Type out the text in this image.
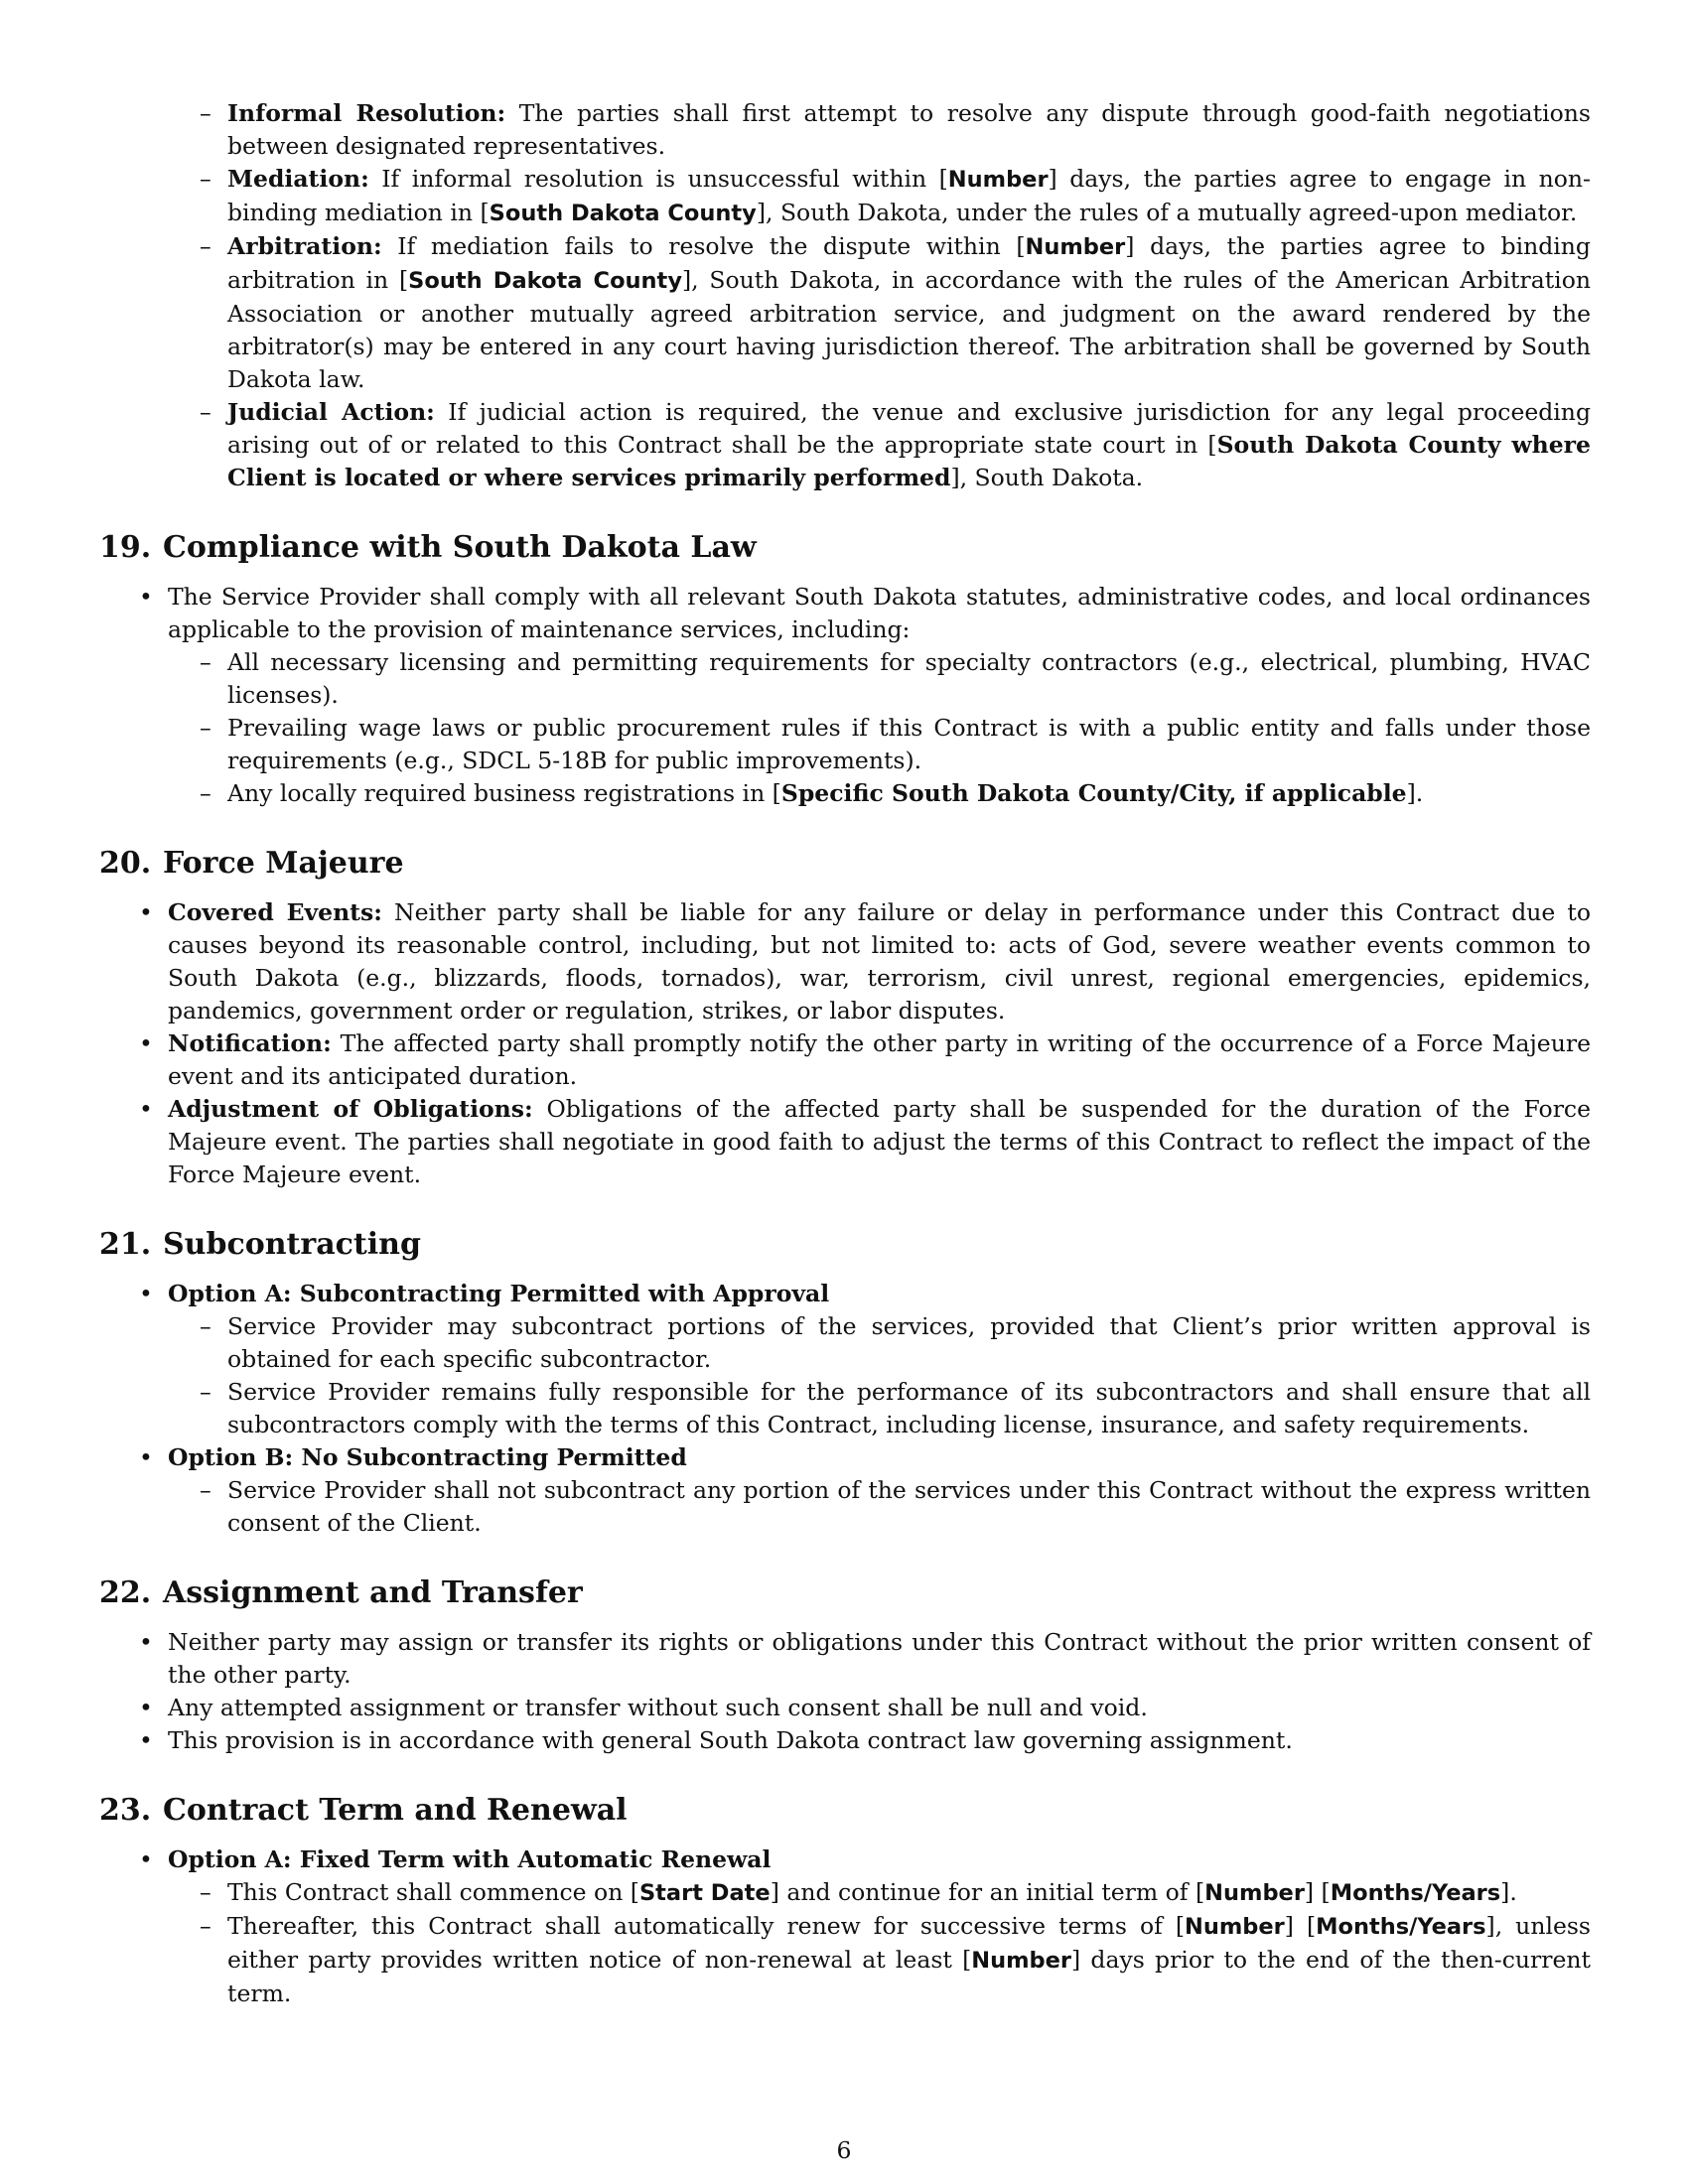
– Informal Resolution: The parties shall first attempt to resolve any dispute through good-faith negotiations between designated representatives.

– Mediation: If informal resolution is unsuccessful within [Number] days, the parties agree to engage in non-binding mediation in [South Dakota County], South Dakota, under the rules of a mutually agreed-upon mediator.

– Arbitration: If mediation fails to resolve the dispute within [Number] days, the parties agree to binding arbitration in [South Dakota County], South Dakota, in accordance with the rules of the American Arbitration Association or another mutually agreed arbitration service, and judgment on the award rendered by the arbitrator(s) may be entered in any court having jurisdiction thereof. The arbitration shall be governed by South Dakota law.

– Judicial Action: If judicial action is required, the venue and exclusive jurisdiction for any legal proceeding arising out of or related to this Contract shall be the appropriate state court in [South Dakota County where Client is located or where services primarily performed], South Dakota.

19. Compliance with South Dakota Law

• The Service Provider shall comply with all relevant South Dakota statutes, administrative codes, and local ordinances applicable to the provision of maintenance services, including:

– All necessary licensing and permitting requirements for specialty contractors (e.g., electrical, plumbing, HVAC licenses).

– Prevailing wage laws or public procurement rules if this Contract is with a public entity and falls under those requirements (e.g., SDCL 5-18B for public improvements).

– Any locally required business registrations in [Specific South Dakota County/City, if applicable].

20. Force Majeure

• Covered Events: Neither party shall be liable for any failure or delay in performance under this Contract due to causes beyond its reasonable control, including, but not limited to: acts of God, severe weather events common to South Dakota (e.g., blizzards, floods, tornados), war, terrorism, civil unrest, regional emergencies, epidemics, pandemics, government order or regulation, strikes, or labor disputes.

• Notification: The affected party shall promptly notify the other party in writing of the occurrence of a Force Majeure event and its anticipated duration.

• Adjustment of Obligations: Obligations of the affected party shall be suspended for the duration of the Force Majeure event. The parties shall negotiate in good faith to adjust the terms of this Contract to reflect the impact of the Force Majeure event.

21. Subcontracting

• Option A: Subcontracting Permitted with Approval

– Service Provider may subcontract portions of the services, provided that Client’s prior written approval is obtained for each specific subcontractor.

– Service Provider remains fully responsible for the performance of its subcontractors and shall ensure that all subcontractors comply with the terms of this Contract, including license, insurance, and safety requirements.

• Option B: No Subcontracting Permitted

– Service Provider shall not subcontract any portion of the services under this Contract without the express written consent of the Client.

22. Assignment and Transfer

• Neither party may assign or transfer its rights or obligations under this Contract without the prior written consent of the other party.

• Any attempted assignment or transfer without such consent shall be null and void.

• This provision is in accordance with general South Dakota contract law governing assignment.

23. Contract Term and Renewal

• Option A: Fixed Term with Automatic Renewal

– This Contract shall commence on [Start Date] and continue for an initial term of [Number] [Months/Years].

– Thereafter, this Contract shall automatically renew for successive terms of [Number] [Months/Years], unless either party provides written notice of non-renewal at least [Number] days prior to the end of the then-current term.

6
